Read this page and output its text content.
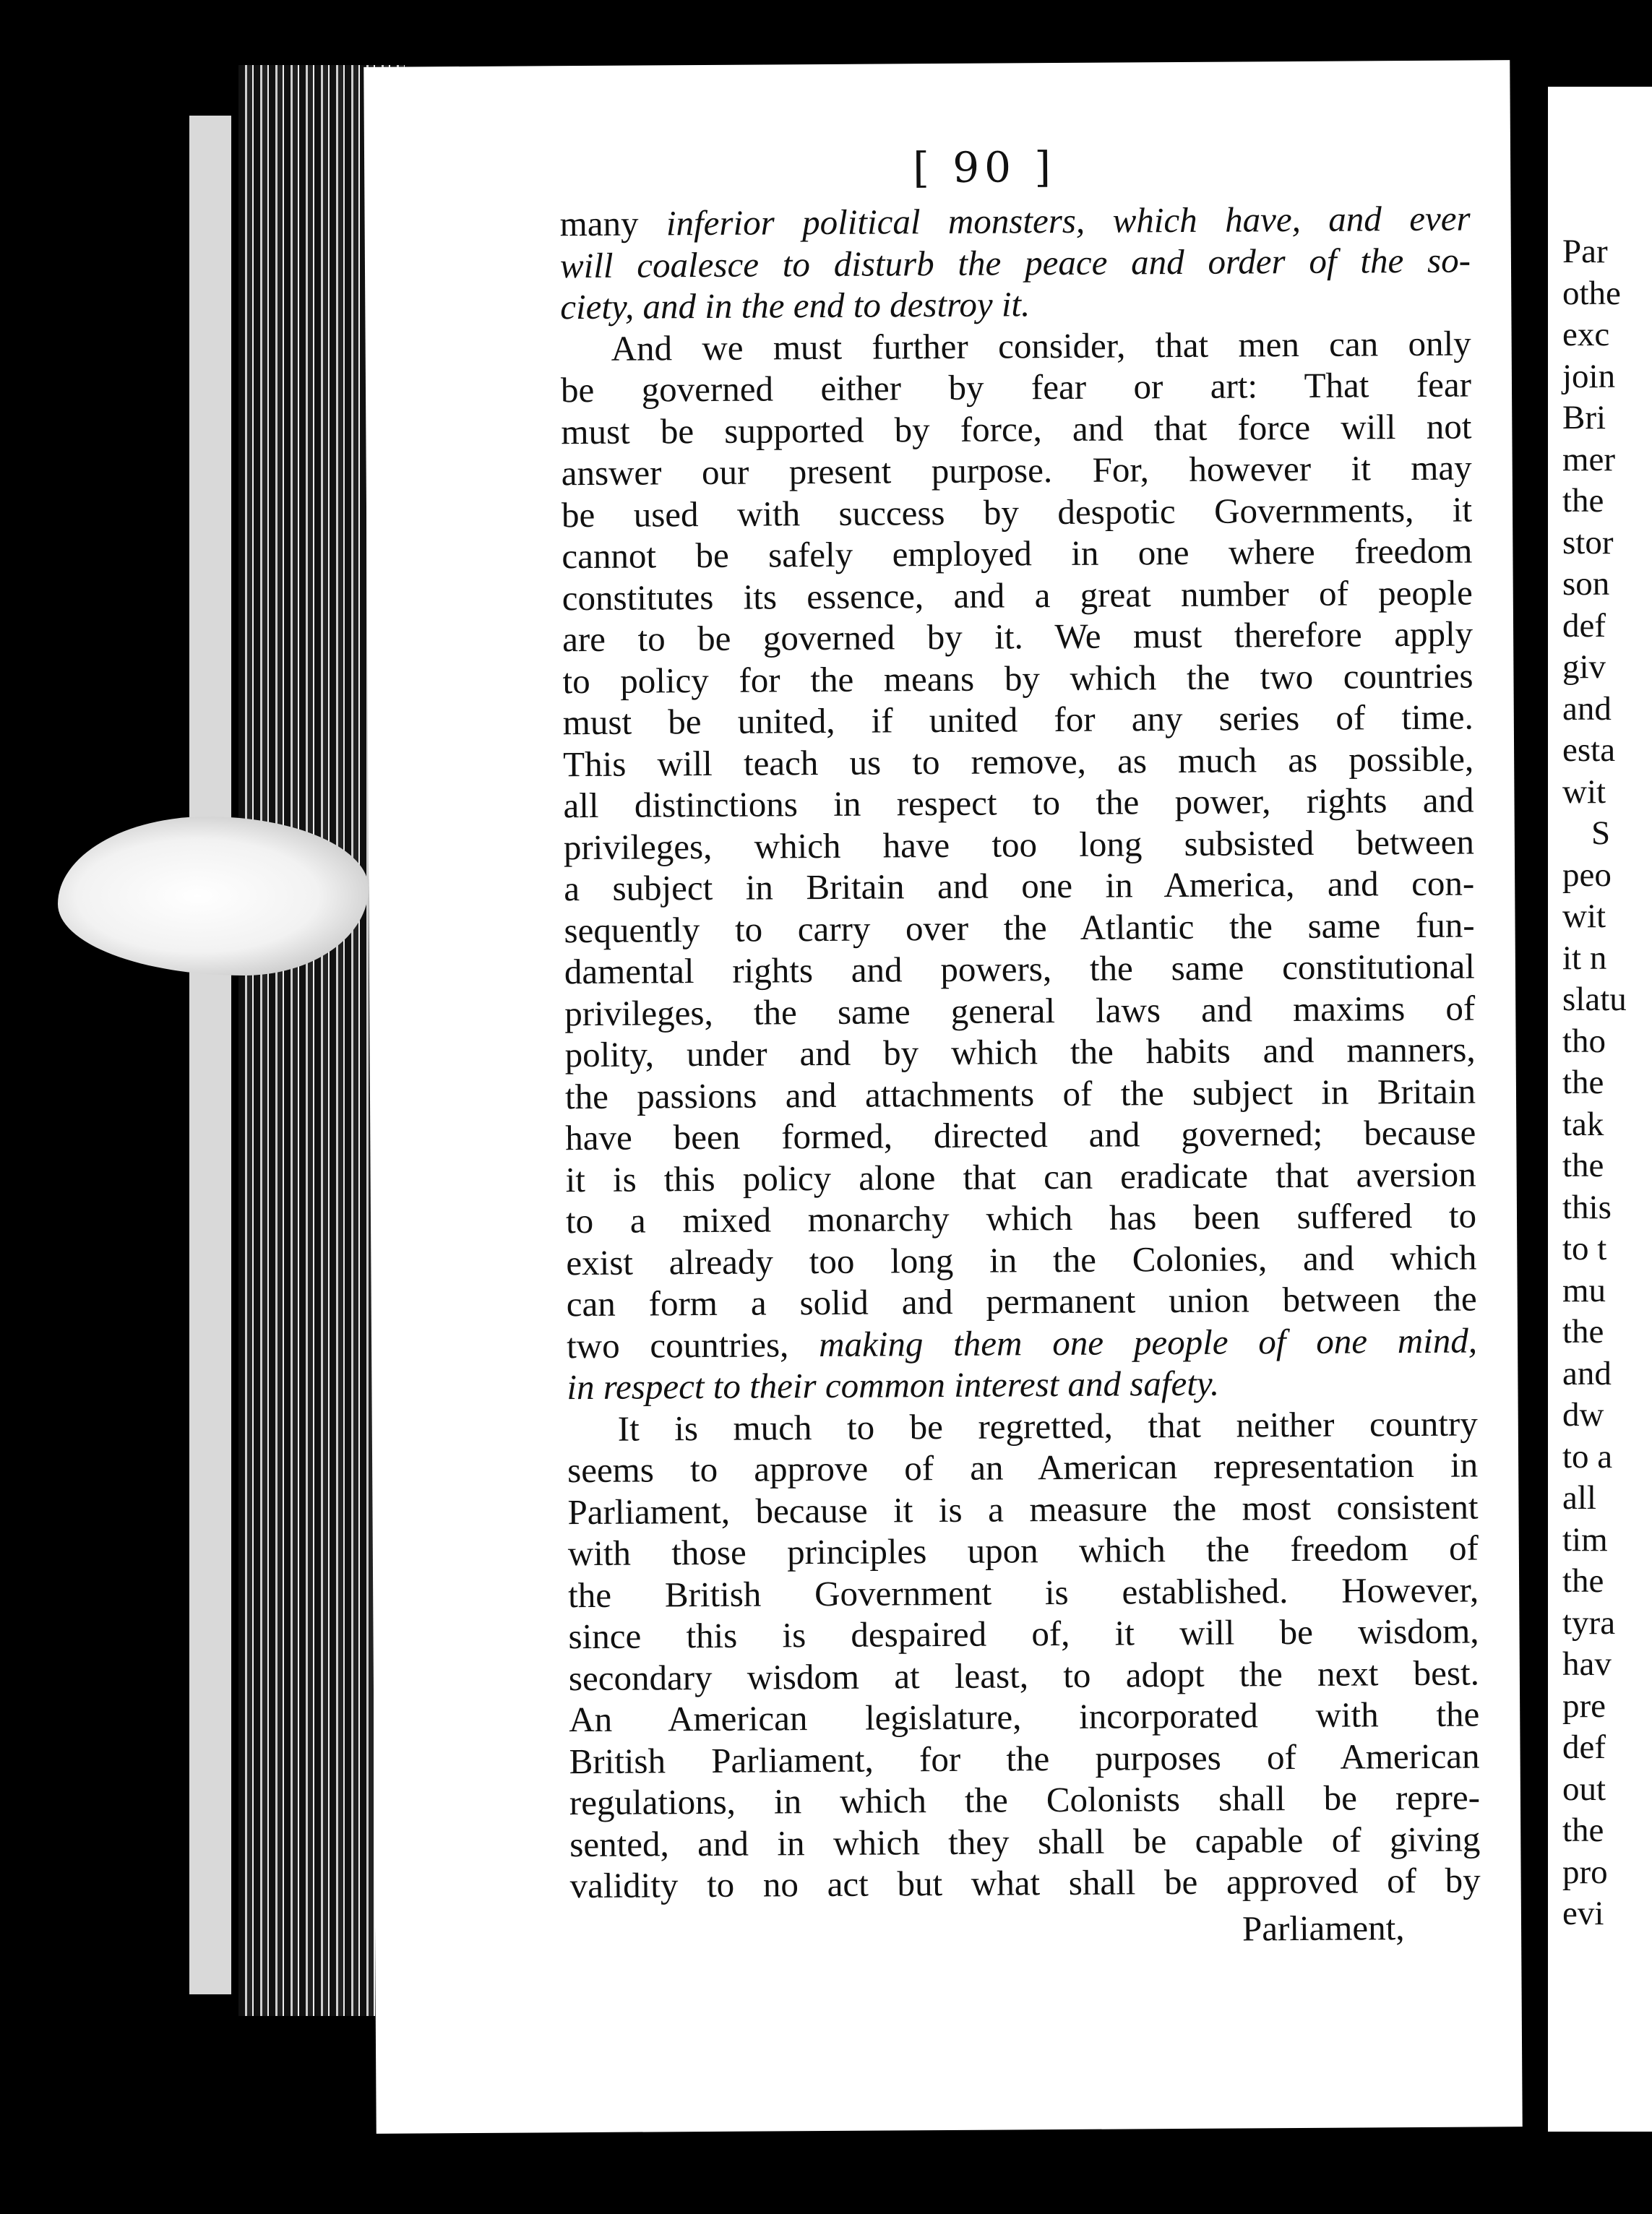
[ 90 ]
many inferior political monsters, which have, and ever
will coalesce to disturb the peace and order of the so-
ciety, and in the end to destroy it.
And we must further consider, that men can only
be governed either by fear or art: That fear
must be supported by force, and that force will not
answer our present purpose. For, however it may
be used with success by despotic Governments, it
cannot be safely employed in one where freedom
constitutes its essence, and a great number of people
are to be governed by it. We must therefore apply
to policy for the means by which the two countries
must be united, if united for any series of time.
This will teach us to remove, as much as possible,
all distinctions in respect to the power, rights and
privileges, which have too long subsisted between
a subject in Britain and one in America, and con-
sequently to carry over the Atlantic the same fun-
damental rights and powers, the same constitutional
privileges, the same general laws and maxims of
polity, under and by which the habits and manners,
the passions and attachments of the subject in Britain
have been formed, directed and governed; because
it is this policy alone that can eradicate that aversion
to a mixed monarchy which has been suffered to
exist already too long in the Colonies, and which
can form a solid and permanent union between the
two countries, making them one people of one mind,
in respect to their common interest and safety.
It is much to be regretted, that neither country
seems to approve of an American representation in
Parliament, because it is a measure the most consistent
with those principles upon which the freedom of
the British Government is established. However,
since this is despaired of, it will be wisdom,
secondary wisdom at least, to adopt the next best.
An American legislature, incorporated with the
British Parliament, for the purposes of American
regulations, in which the Colonists shall be repre-
sented, and in which they shall be capable of giving
validity to no act but what shall be approved of by
Parliament,
Par
othe
exc
join
Bri
mer
the
stor
son
def
giv
and
esta
wit
S
peo
wit
it n
slatu
tho
the
tak
the
this
to t
mu
the
and
dw
to a
all
tim
the
tyra
hav
pre
def
out
the
pro
evi
